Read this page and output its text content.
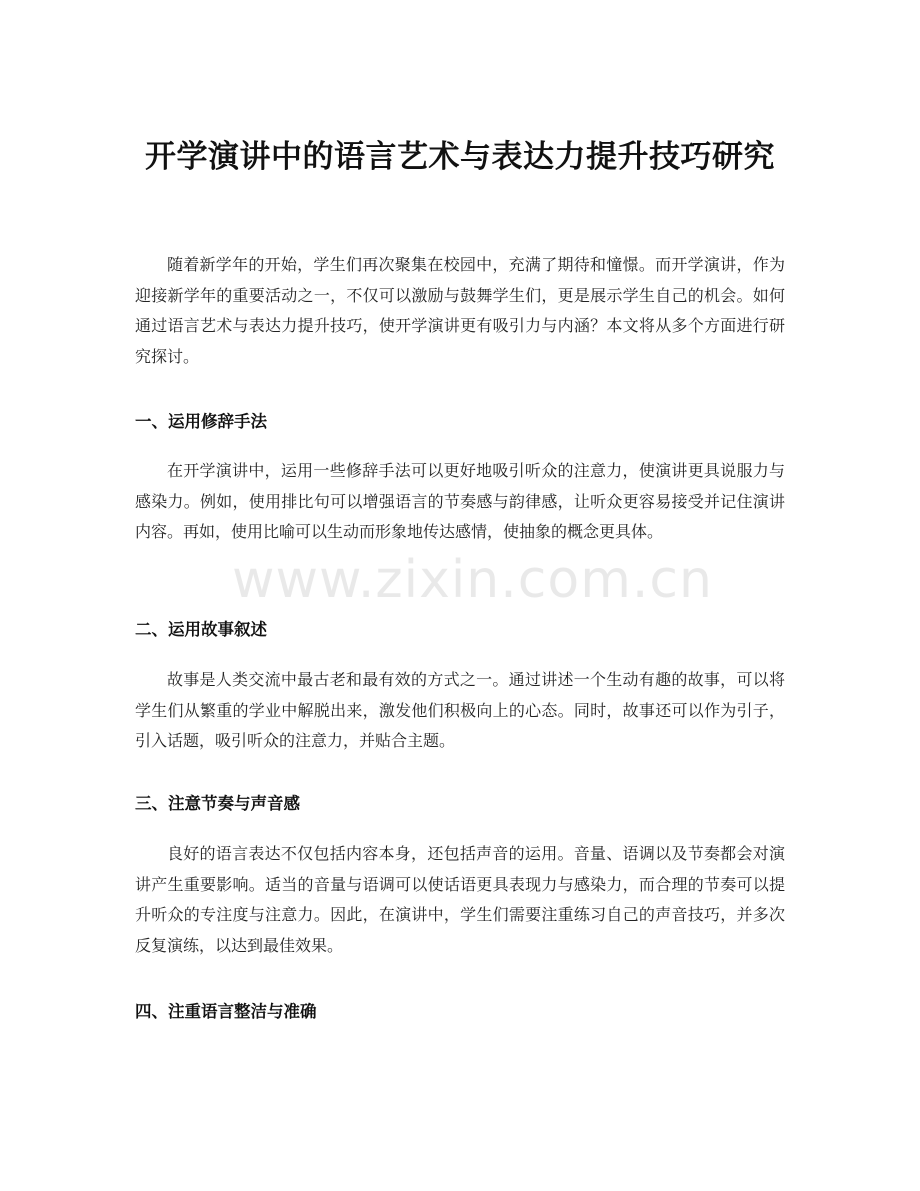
开学演讲中的语言艺术与表达力提升技巧研究

随着新学年的开始，学生们再次聚集在校园中，充满了期待和憧憬。而开学演讲，作为迎接新学年的重要活动之一，不仅可以激励与鼓舞学生们，更是展示学生自己的机会。如何通过语言艺术与表达力提升技巧，使开学演讲更有吸引力与内涵？本文将从多个方面进行研究探讨。

一、运用修辞手法

在开学演讲中，运用一些修辞手法可以更好地吸引听众的注意力，使演讲更具说服力与感染力。例如，使用排比句可以增强语言的节奏感与韵律感，让听众更容易接受并记住演讲内容。再如，使用比喻可以生动而形象地传达感情，使抽象的概念更具体。

二、运用故事叙述

故事是人类交流中最古老和最有效的方式之一。通过讲述一个生动有趣的故事，可以将学生们从繁重的学业中解脱出来，激发他们积极向上的心态。同时，故事还可以作为引子，引入话题，吸引听众的注意力，并贴合主题。

三、注意节奏与声音感

良好的语言表达不仅包括内容本身，还包括声音的运用。音量、语调以及节奏都会对演讲产生重要影响。适当的音量与语调可以使话语更具表现力与感染力，而合理的节奏可以提升听众的专注度与注意力。因此，在演讲中，学生们需要注重练习自己的声音技巧，并多次反复演练，以达到最佳效果。

四、注重语言整洁与准确
www.zixin.com.cn
